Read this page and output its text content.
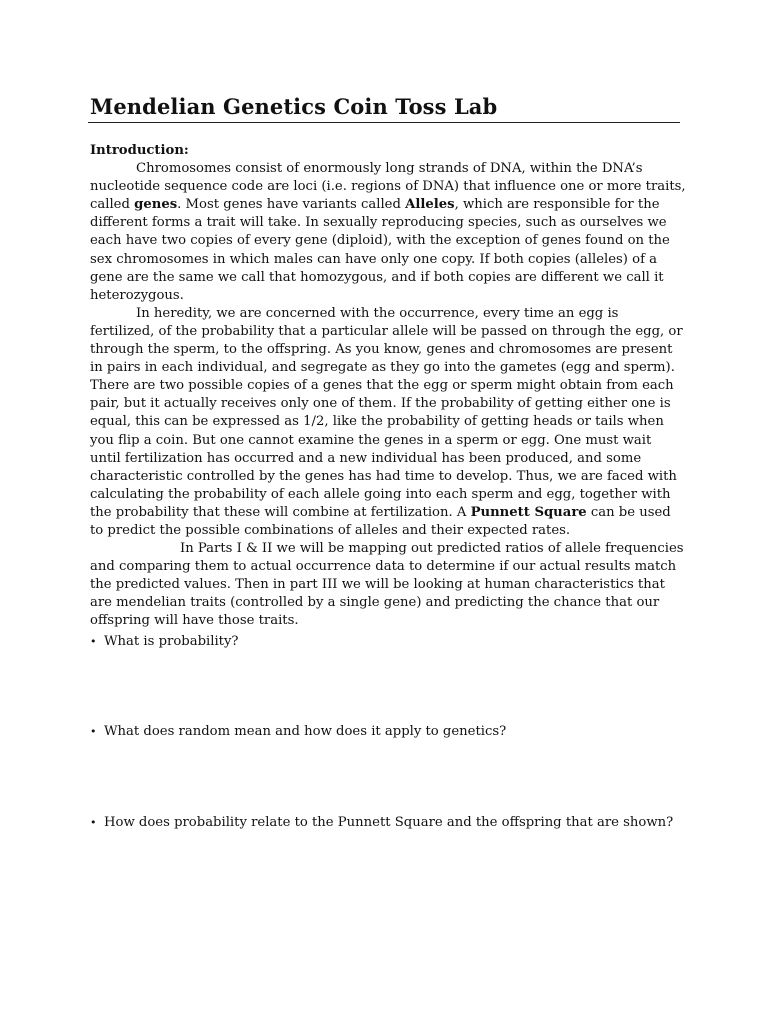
Mendelian Genetics Coin Toss Lab
Introduction:

Chromosomes consist of enormously long strands of DNA, within the DNA’s nucleotide sequence code are loci (i.e. regions of DNA) that influence one or more traits, called genes. Most genes have variants called Alleles, which are responsible for the different forms a trait will take. In sexually reproducing species, such as ourselves we each have two copies of every gene (diploid), with the exception of genes found on the sex chromosomes in which males can have only one copy. If both copies (alleles) of a gene are the same we call that homozygous, and if both copies are different we call it heterozygous.

In heredity, we are concerned with the occurrence, every time an egg is fertilized, of the probability that a particular allele will be passed on through the egg, or through the sperm, to the offspring. As you know, genes and chromosomes are present in pairs in each individual, and segregate as they go into the gametes (egg and sperm). There are two possible copies of a genes that the egg or sperm might obtain from each pair, but it actually receives only one of them. If the probability of getting either one is equal, this can be expressed as 1/2, like the probability of getting heads or tails when you flip a coin. But one cannot examine the genes in a sperm or egg. One must wait until fertilization has occurred and a new individual has been produced, and some characteristic controlled by the genes has had time to develop. Thus, we are faced with calculating the probability of each allele going into each sperm and egg, together with the probability that these will combine at fertilization. A Punnett Square can be used to predict the possible combinations of alleles and their expected rates.

In Parts I & II we will be mapping out predicted ratios of allele frequencies and comparing them to actual occurrence data to determine if our actual results match the predicted values. Then in part III we will be looking at human characteristics that are mendelian traits (controlled by a single gene) and predicting the chance that our offspring will have those traits.

• What is probability?
• What does random mean and how does it apply to genetics?
• How does probability relate to the Punnett Square and the offspring that are shown?
